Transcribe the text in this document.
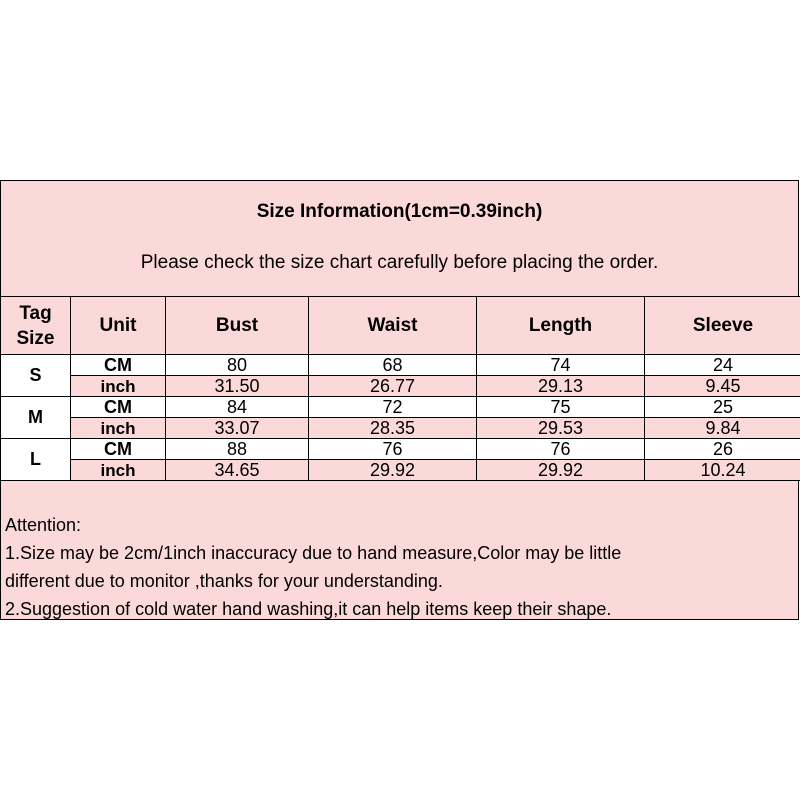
Size Information(1cm=0.39inch)
Please check the size chart carefully before placing the order.
Tag
Size	Unit	Bust	Waist	Length	Sleeve
S	CM	80	68	74	24
	inch	31.50	26.77	29.13	9.45
M	CM	84	72	75	25
	inch	33.07	28.35	29.53	9.84
L	CM	88	76	76	26
	inch	34.65	29.92	29.92	10.24
Attention:
1.Size may be 2cm/1inch inaccuracy due to hand measure,Color may be little
different due to monitor ,thanks for your understanding.
2.Suggestion of cold water hand washing,it can help items keep their shape.
